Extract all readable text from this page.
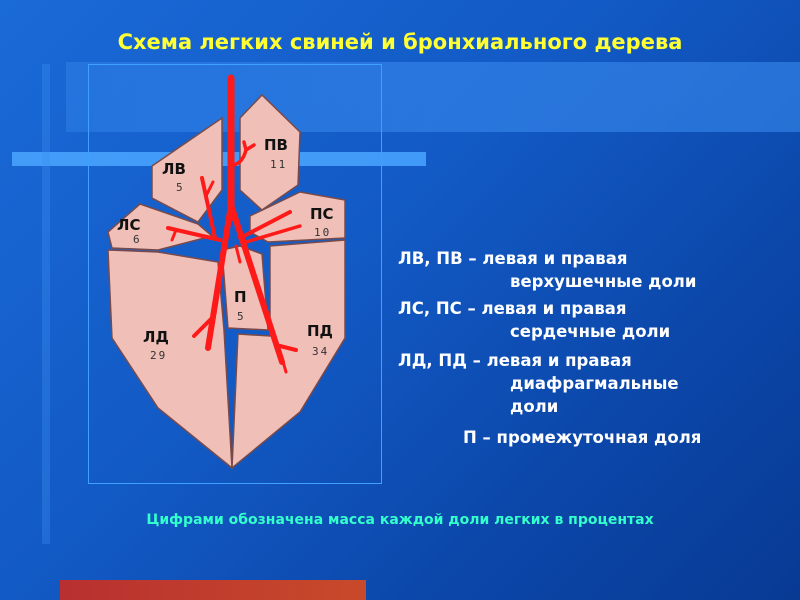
Схема легких свиней и бронхиального дерева
ЛВ
5
ПВ
11
ЛС
6
ПС
10
П
5
ЛД
29
ПД
34
ЛВ, ПВ – левая и правая
верхушечные доли
ЛС, ПС – левая и правая
сердечные доли
ЛД, ПД – левая и правая
диафрагмальные
доли
П – промежуточная доля
Цифрами обозначена масса каждой доли легких в процентах
